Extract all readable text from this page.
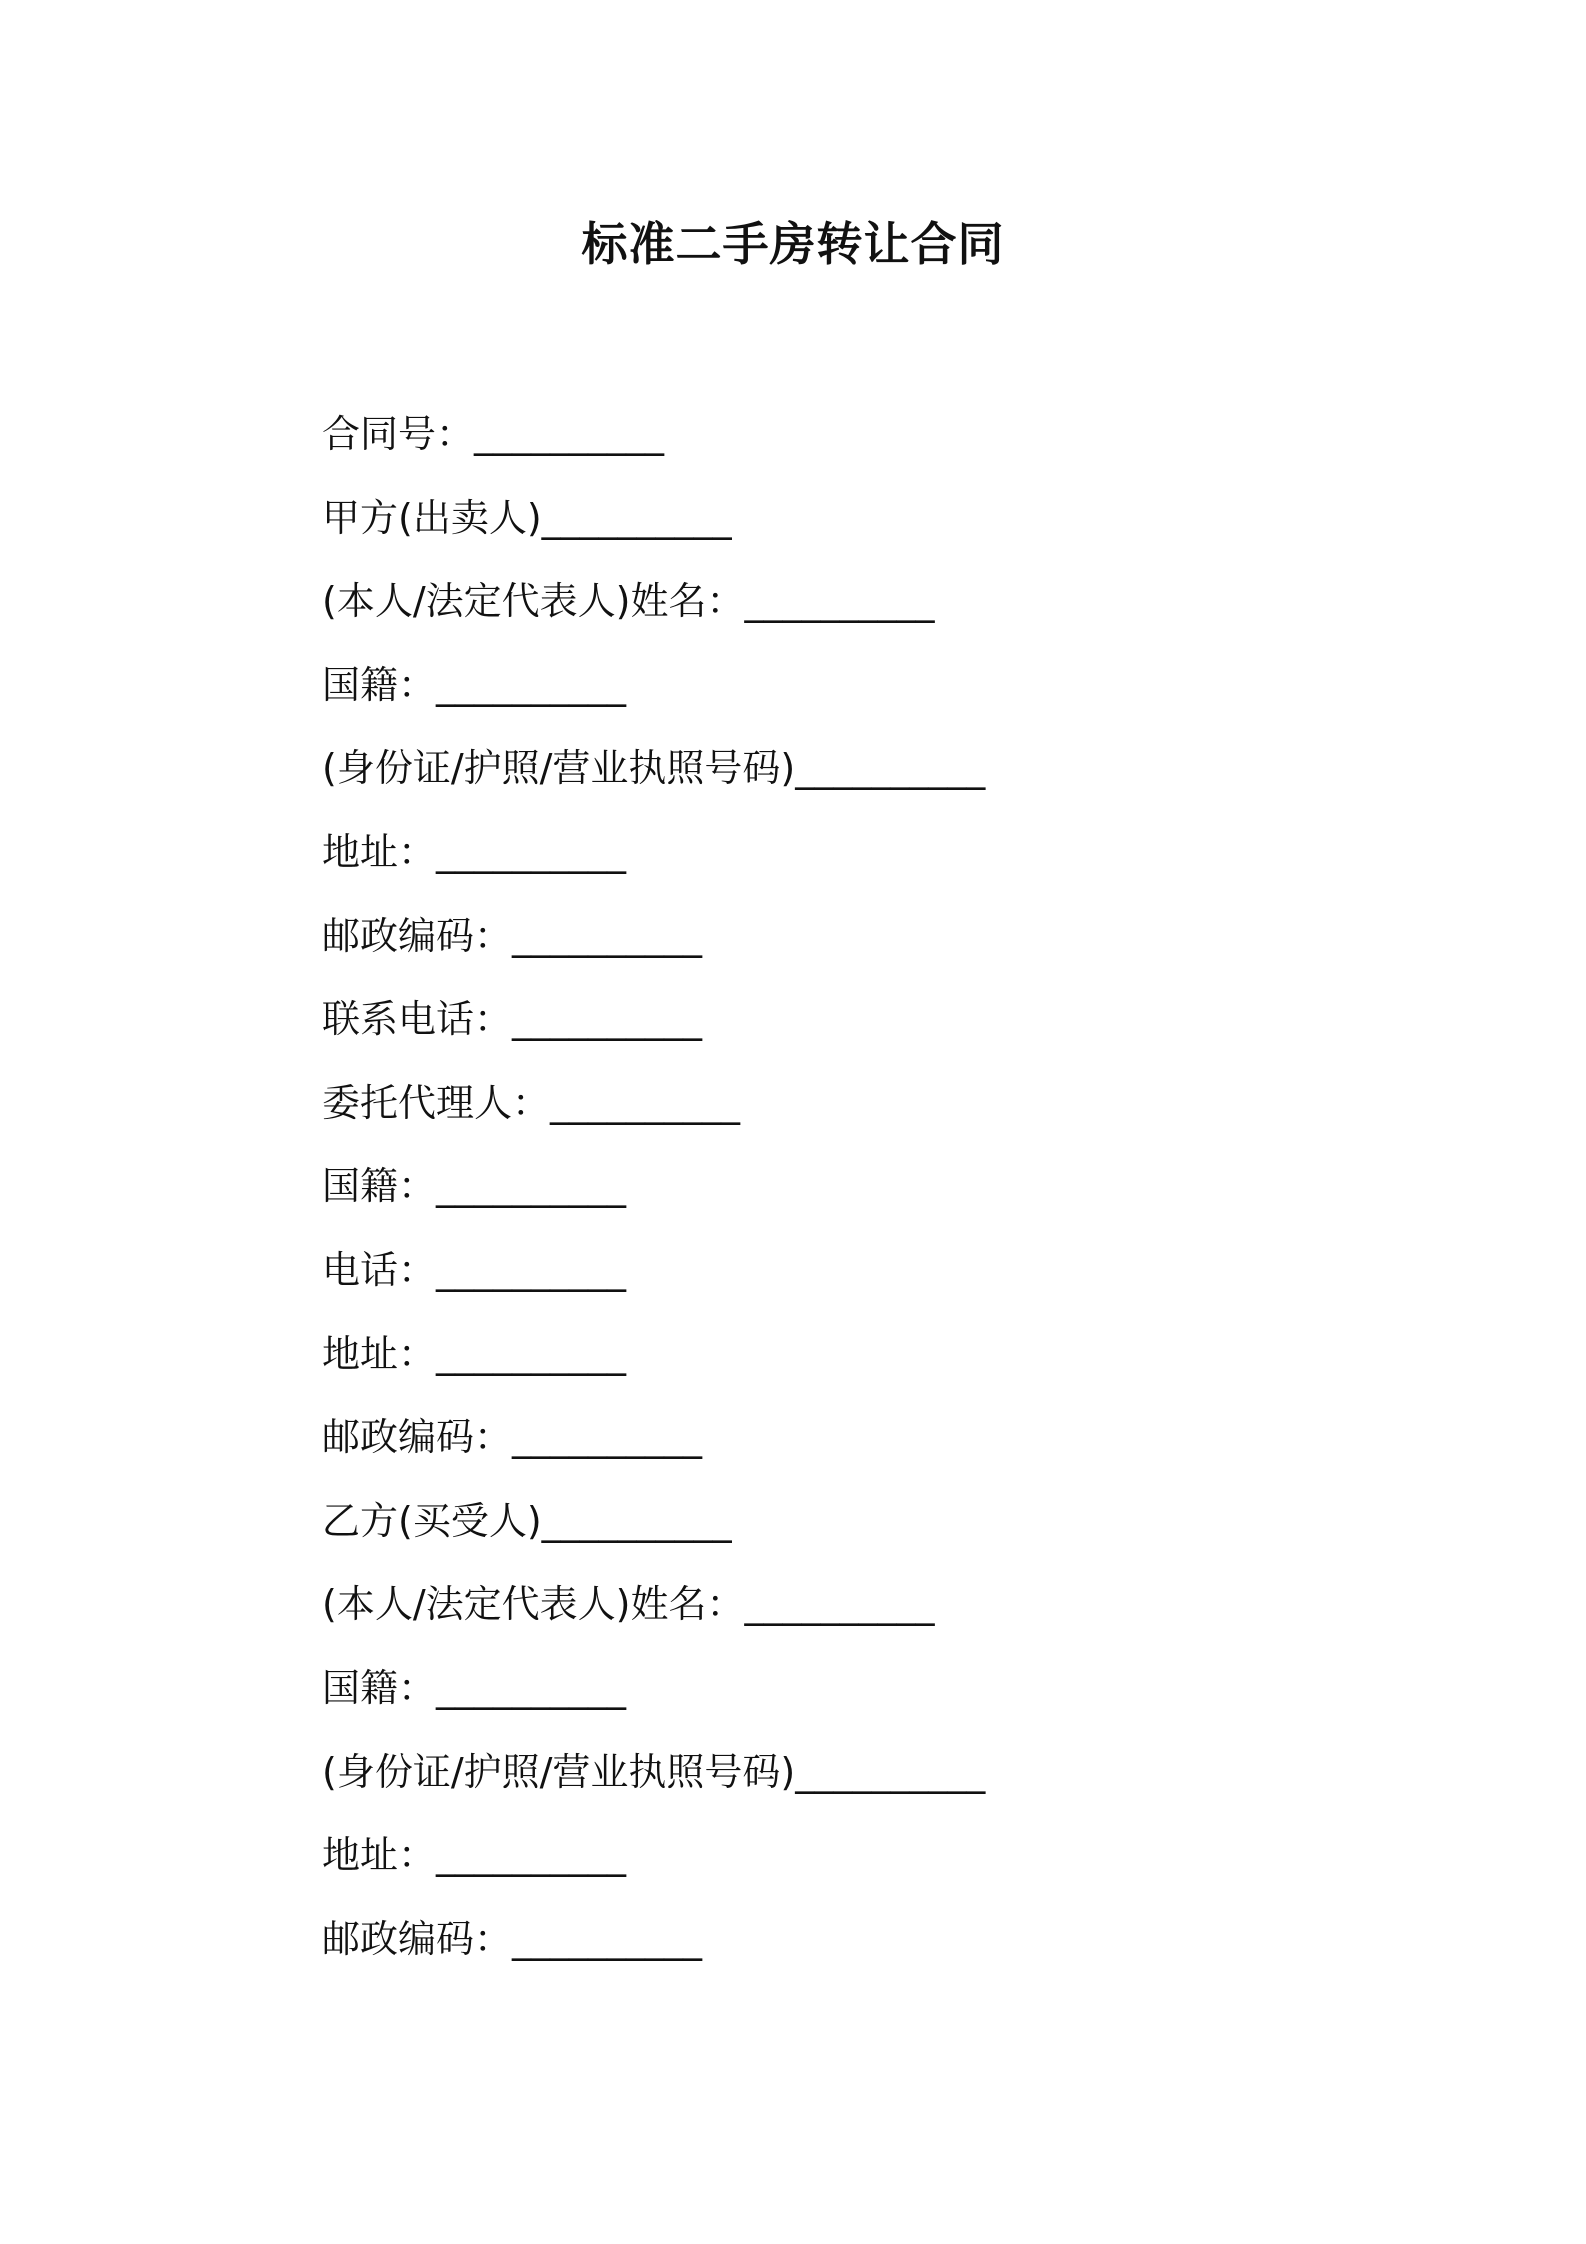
标准二手房转让合同
合同号：__________
甲方(出卖人)__________
(本人/法定代表人)姓名：__________
国籍：__________
(身份证/护照/营业执照号码)__________
地址：__________
邮政编码：__________
联系电话：__________
委托代理人：__________
国籍：__________
电话：__________
地址：__________
邮政编码：__________
乙方(买受人)__________
(本人/法定代表人)姓名：__________
国籍：__________
(身份证/护照/营业执照号码)__________
地址：__________
邮政编码：__________
